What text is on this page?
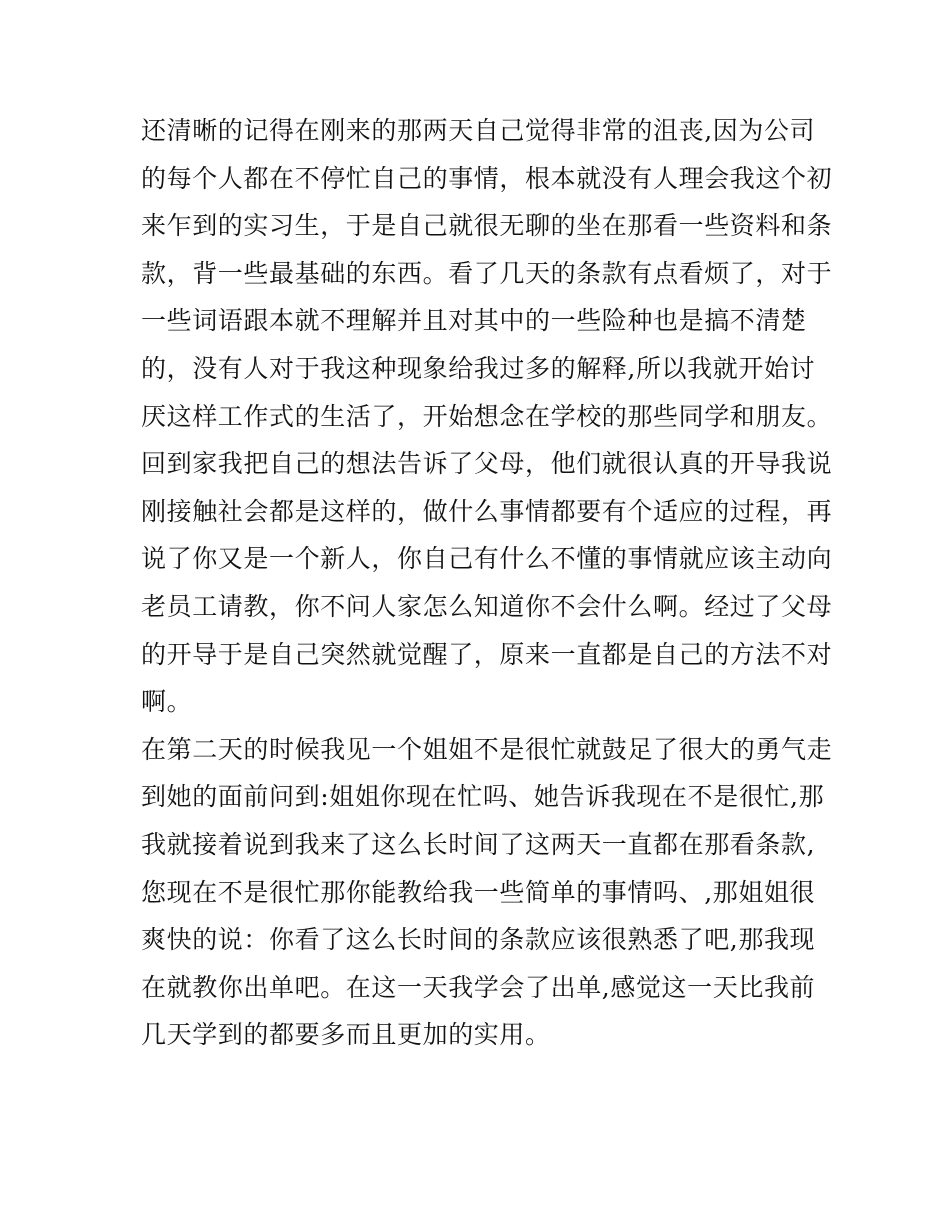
还清晰的记得在刚来的那两天自己觉得非常的沮丧,因为公司
的每个人都在不停忙自己的事情，根本就没有人理会我这个初
来乍到的实习生，于是自己就很无聊的坐在那看一些资料和条
款，背一些最基础的东西。看了几天的条款有点看烦了，对于
一些词语跟本就不理解并且对其中的一些险种也是搞不清楚
的，没有人对于我这种现象给我过多的解释,所以我就开始讨
厌这样工作式的生活了，开始想念在学校的那些同学和朋友。
回到家我把自己的想法告诉了父母，他们就很认真的开导我说
刚接触社会都是这样的，做什么事情都要有个适应的过程，再
说了你又是一个新人，你自己有什么不懂的事情就应该主动向
老员工请教，你不问人家怎么知道你不会什么啊。经过了父母
的开导于是自己突然就觉醒了，原来一直都是自己的方法不对
啊。
在第二天的时候我见一个姐姐不是很忙就鼓足了很大的勇气走
到她的面前问到:姐姐你现在忙吗、她告诉我现在不是很忙,那
我就接着说到我来了这么长时间了这两天一直都在那看条款,
您现在不是很忙那你能教给我一些简单的事情吗、,那姐姐很
爽快的说：你看了这么长时间的条款应该很熟悉了吧,那我现
在就教你出单吧。在这一天我学会了出单,感觉这一天比我前
几天学到的都要多而且更加的实用。
